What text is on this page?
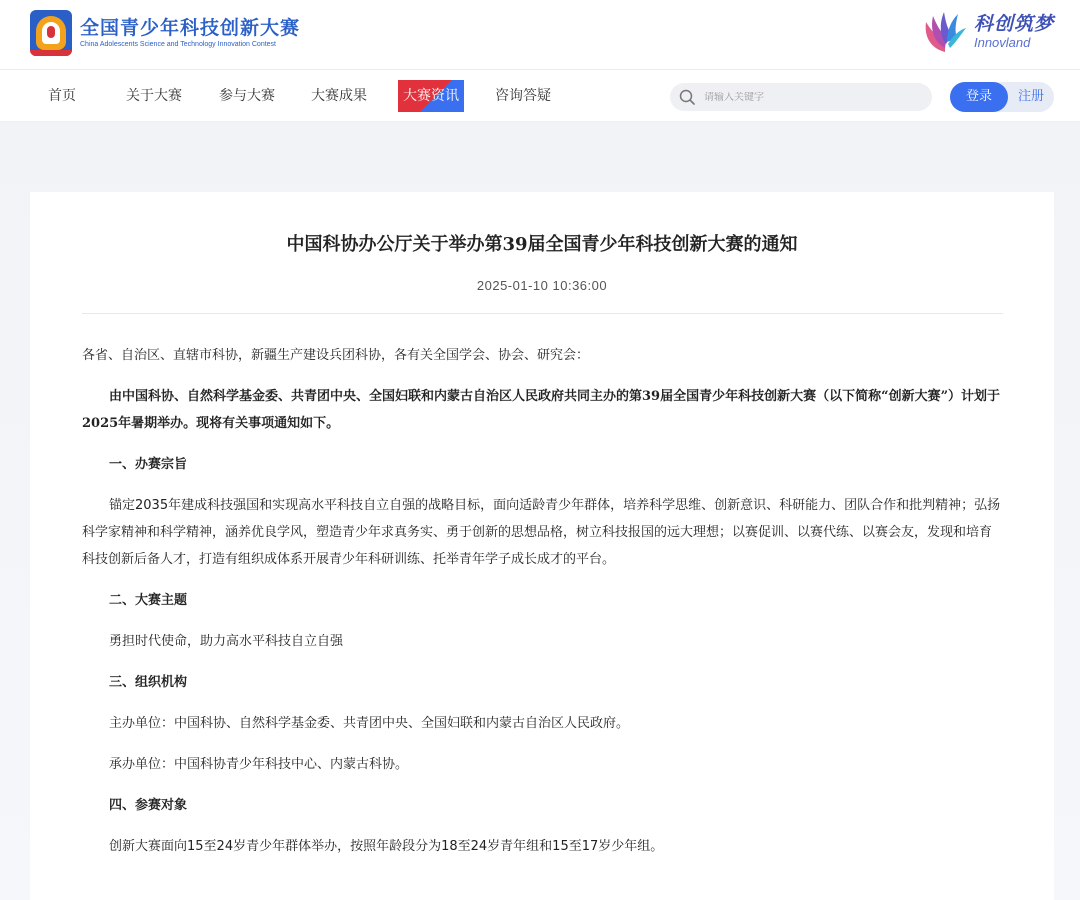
全国青少年科技创新大赛
China Adolescents Science and Technology Innovation Contest
科创筑梦
Innovland
首页	关于大赛	参与大赛	大赛成果	大赛资讯	咨询答疑
请输入关键字	登录	注册
中国科协办公厅关于举办第39届全国青少年科技创新大赛的通知
2025-01-10 10:36:00
各省、自治区、直辖市科协，新疆生产建设兵团科协，各有关全国学会、协会、研究会：
由中国科协、自然科学基金委、共青团中央、全国妇联和内蒙古自治区人民政府共同主办的第39届全国青少年科技创新大赛（以下简称“创新大赛”）计划于2025年暑期举办。现将有关事项通知如下。
一、办赛宗旨
锚定2035年建成科技强国和实现高水平科技自立自强的战略目标，面向适龄青少年群体，培养科学思维、创新意识、科研能力、团队合作和批判精神；弘扬科学家精神和科学精神，涵养优良学风，塑造青少年求真务实、勇于创新的思想品格，树立科技报国的远大理想；以赛促训、以赛代练、以赛会友，发现和培育科技创新后备人才，打造有组织成体系开展青少年科研训练、托举青年学子成长成才的平台。
二、大赛主题
勇担时代使命，助力高水平科技自立自强
三、组织机构
主办单位：中国科协、自然科学基金委、共青团中央、全国妇联和内蒙古自治区人民政府。
承办单位：中国科协青少年科技中心、内蒙古科协。
四、参赛对象
创新大赛面向15至24岁青少年群体举办，按照年龄段分为18至24岁青年组和15至17岁少年组。
